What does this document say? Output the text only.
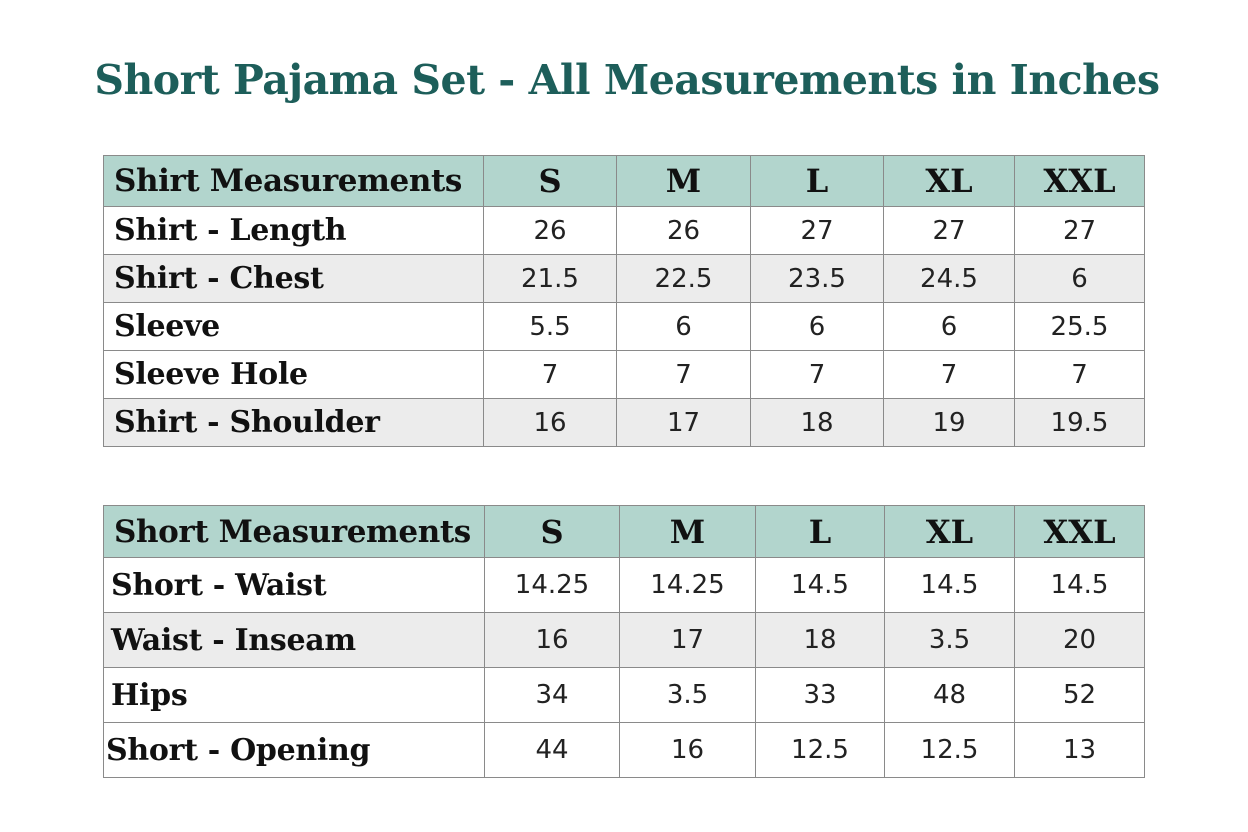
Short Pajama Set - All Measurements in Inches
Shirt Measurements	S	M	L	XL	XXL
Shirt - Length	26	26	27	27	27
Shirt - Chest	21.5	22.5	23.5	24.5	6
Sleeve	5.5	6	6	6	25.5
Sleeve Hole	7	7	7	7	7
Shirt - Shoulder	16	17	18	19	19.5
Short Measurements	S	M	L	XL	XXL
Short - Waist	14.25	14.25	14.5	14.5	14.5
Waist - Inseam	16	17	18	3.5	20
Hips	34	3.5	33	48	52
Short - Opening	44	16	12.5	12.5	13
